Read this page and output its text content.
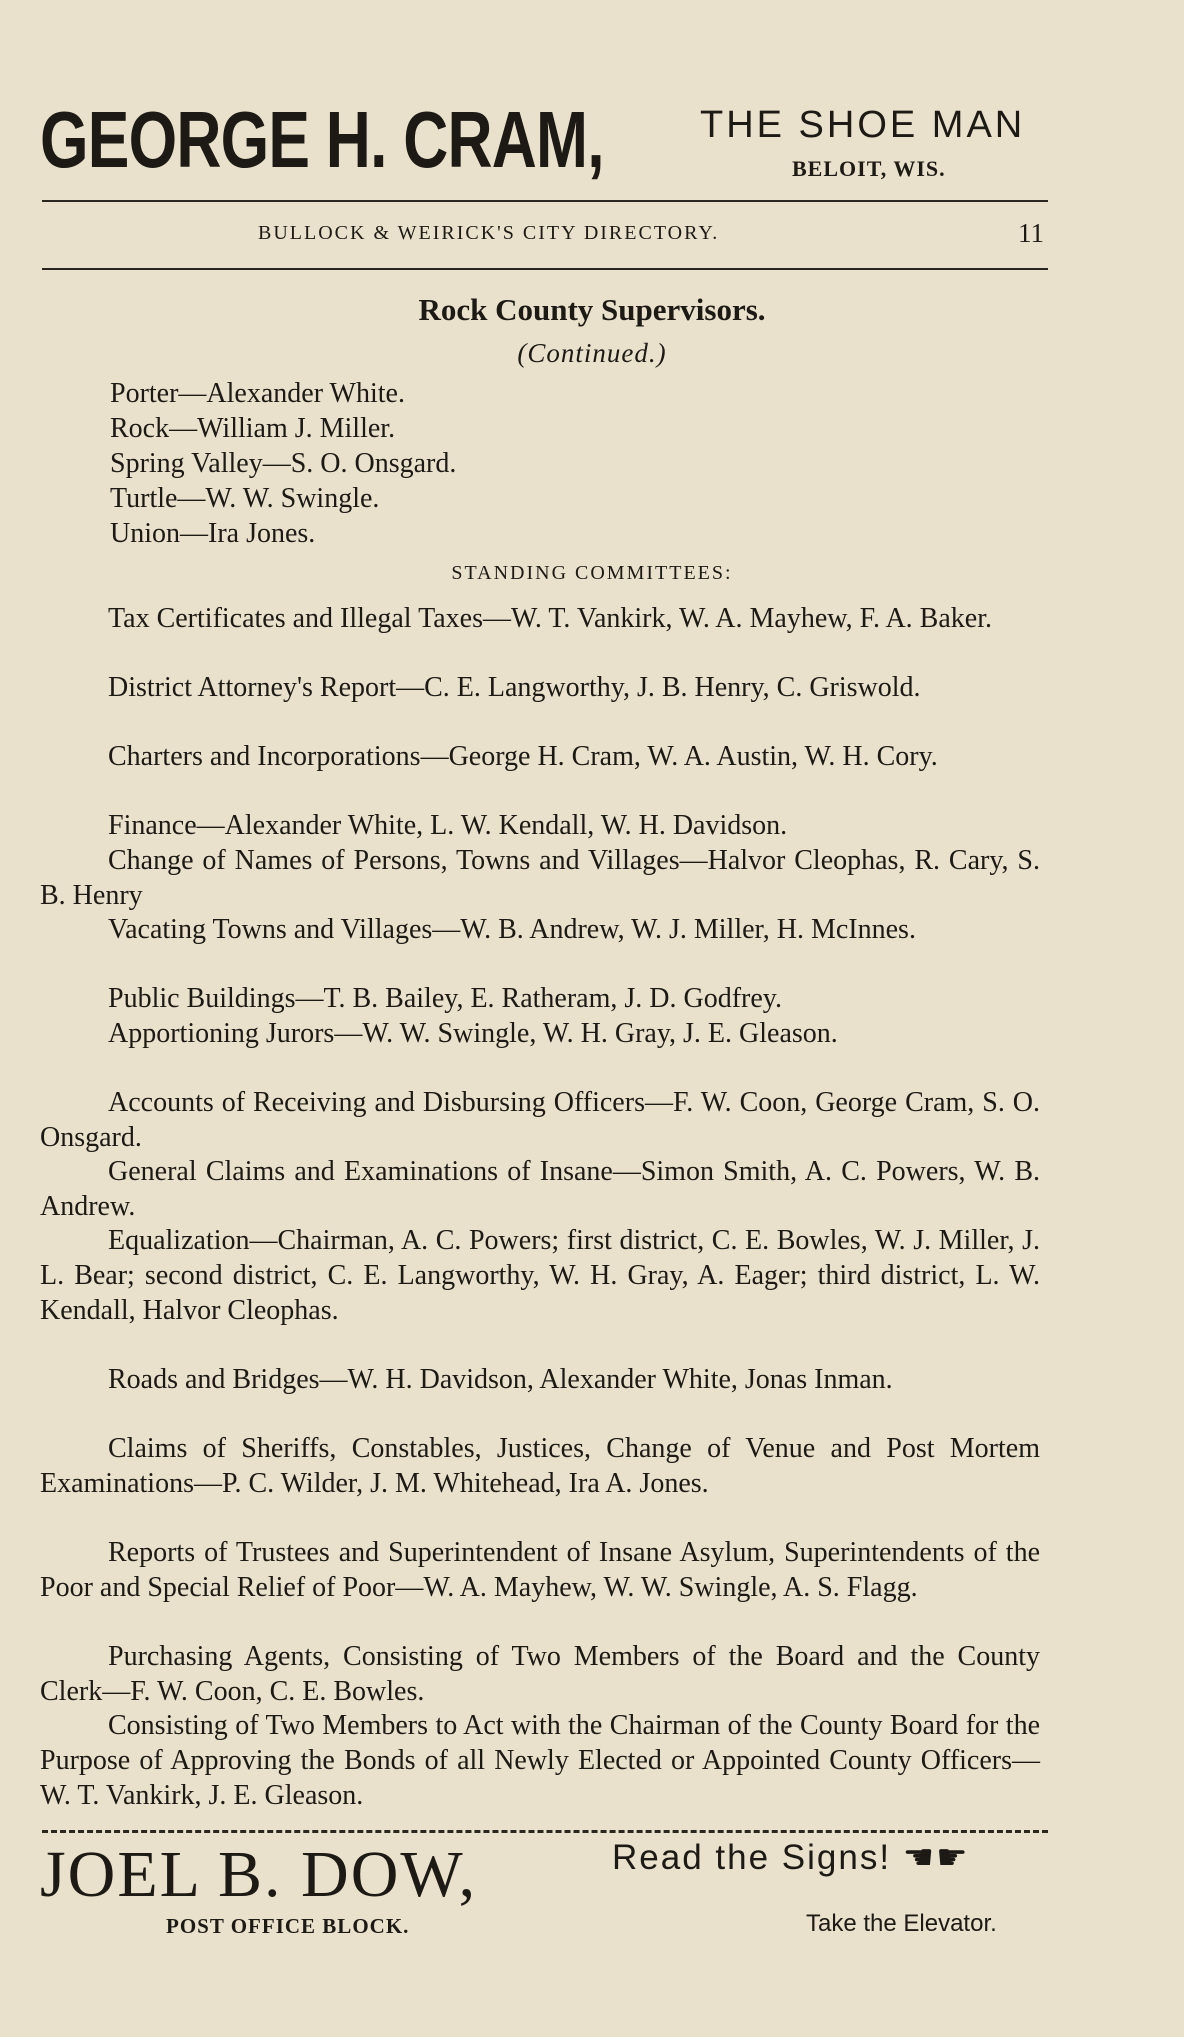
GEORGE H. CRAM,	THE SHOE MAN
BELOIT, WIS.
BULLOCK & WEIRICK'S CITY DIRECTORY.	11
Rock County Supervisors.
(Continued.)
Porter—Alexander White.
Rock—William J. Miller.
Spring Valley—S. O. Onsgard.
Turtle—W. W. Swingle.
Union—Ira Jones.
STANDING COMMITTEES:

Tax Certificates and Illegal Taxes—W. T. Vankirk, W. A. Mayhew, F. A. Baker.

District Attorney's Report—C. E. Langworthy, J. B. Henry, C. Griswold.

Charters and Incorporations—George H. Cram, W. A. Austin, W. H. Cory.

Finance—Alexander White, L. W. Kendall, W. H. Davidson.

Change of Names of Persons, Towns and Villages—Halvor Cleophas, R. Cary, S. B. Henry

Vacating Towns and Villages—W. B. Andrew, W. J. Miller, H. McInnes.

Public Buildings—T. B. Bailey, E. Ratheram, J. D. Godfrey.

Apportioning Jurors—W. W. Swingle, W. H. Gray, J. E. Gleason.

Accounts of Receiving and Disbursing Officers—F. W. Coon, George Cram, S. O. Onsgard.

General Claims and Examinations of Insane—Simon Smith, A. C. Powers, W. B. Andrew.

Equalization—Chairman, A. C. Powers; first district, C. E. Bowles, W. J. Miller, J. L. Bear; second district, C. E. Langworthy, W. H. Gray, A. Eager; third district, L. W. Kendall, Halvor Cleophas.

Roads and Bridges—W. H. Davidson, Alexander White, Jonas Inman.

Claims of Sheriffs, Constables, Justices, Change of Venue and Post Mortem Examinations—P. C. Wilder, J. M. Whitehead, Ira A. Jones.

Reports of Trustees and Superintendent of Insane Asylum, Superintendents of the Poor and Special Relief of Poor—W. A. Mayhew, W. W. Swingle, A. S. Flagg.

Purchasing Agents, Consisting of Two Members of the Board and the County Clerk—F. W. Coon, C. E. Bowles.

Consisting of Two Members to Act with the Chairman of the County Board for the Purpose of Approving the Bonds of all Newly Elected or Appointed County Officers—W. T. Vankirk, J. E. Gleason.

JOEL B. DOW,	Read the Signs! ☚☛
POST OFFICE BLOCK.	Take the Elevator.
